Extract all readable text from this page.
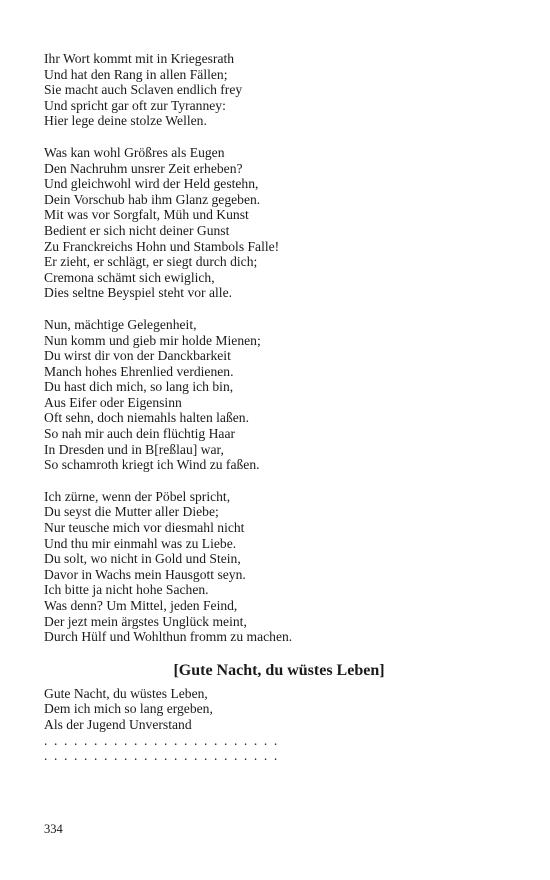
Ihr Wort kommt mit in Kriegesrath
Und hat den Rang in allen Fällen;
Sie macht auch Sclaven endlich frey
Und spricht gar oft zur Tyranney:
Hier lege deine stolze Wellen.
Was kan wohl Größres als Eugen
Den Nachruhm unsrer Zeit erheben?
Und gleichwohl wird der Held gestehn,
Dein Vorschub hab ihm Glanz gegeben.
Mit was vor Sorgfalt, Müh und Kunst
Bedient er sich nicht deiner Gunst
Zu Franckreichs Hohn und Stambols Falle!
Er zieht, er schlägt, er siegt durch dich;
Cremona schämt sich ewiglich,
Dies seltne Beyspiel steht vor alle.
Nun, mächtige Gelegenheit,
Nun komm und gieb mir holde Mienen;
Du wirst dir von der Danckbarkeit
Manch hohes Ehrenlied verdienen.
Du hast dich mich, so lang ich bin,
Aus Eifer oder Eigensinn
Oft sehn, doch niemahls halten laßen.
So nah mir auch dein flüchtig Haar
In Dresden und in B[reßlau] war,
So schamroth kriegt ich Wind zu faßen.
Ich zürne, wenn der Pöbel spricht,
Du seyst die Mutter aller Diebe;
Nur teusche mich vor diesmahl nicht
Und thu mir einmahl was zu Liebe.
Du solt, wo nicht in Gold und Stein,
Davor in Wachs mein Hausgott seyn.
Ich bitte ja nicht hohe Sachen.
Was denn? Um Mittel, jeden Feind,
Der jezt mein ärgstes Unglück meint,
Durch Hülf und Wohlthun fromm zu machen.
[Gute Nacht, du wüstes Leben]
Gute Nacht, du wüstes Leben,
Dem ich mich so lang ergeben,
Als der Jugend Unverstand
. . . . . . . . . . . . . . . . . . . . . . . .
. . . . . . . . . . . . . . . . . . . . . . . .
334
